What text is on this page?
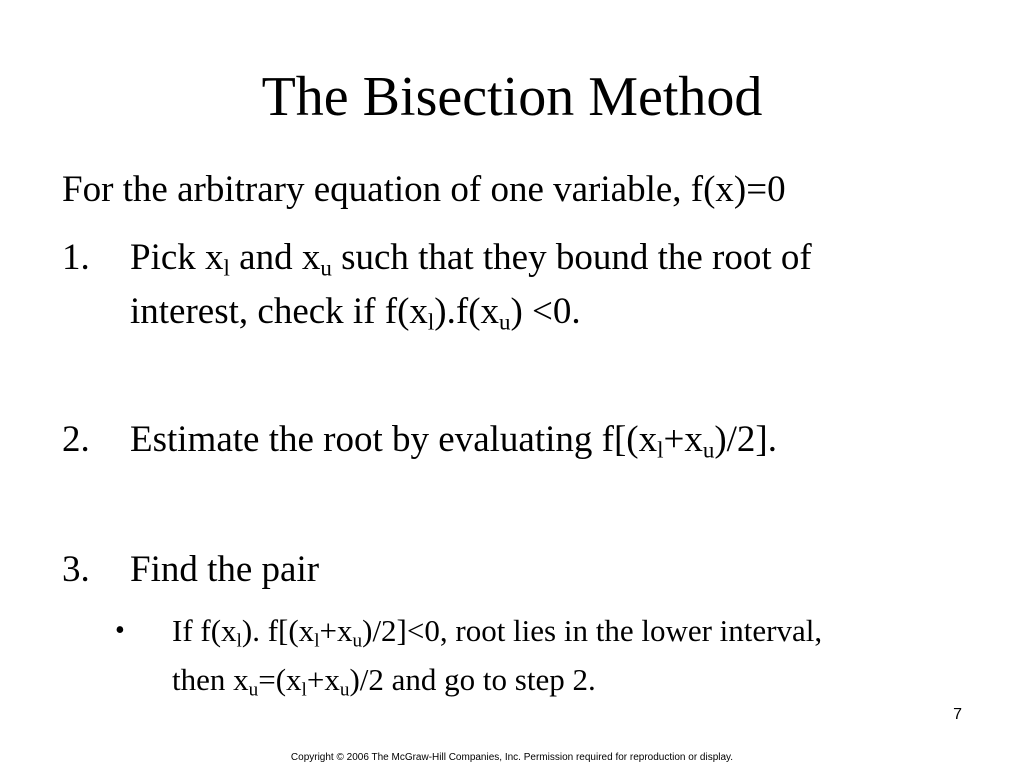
The Bisection Method
For the arbitrary equation of one variable, f(x)=0
1. Pick $x_l$ and $x_u$ such that they bound the root of
interest, check if $f(x_l).f(x_u) <0$.
2. Estimate the root by evaluating $f[(x_l+x_u)/2]$.
3. Find the pair
• If $f(x_l)$. $f[(x_l+x_u)/2]<0$, root lies in the lower interval,
then $x_u=(x_l+x_u)/2$ and go to step 2.
7
Copyright © 2006 The McGraw-Hill Companies, Inc. Permission required for reproduction or display.
